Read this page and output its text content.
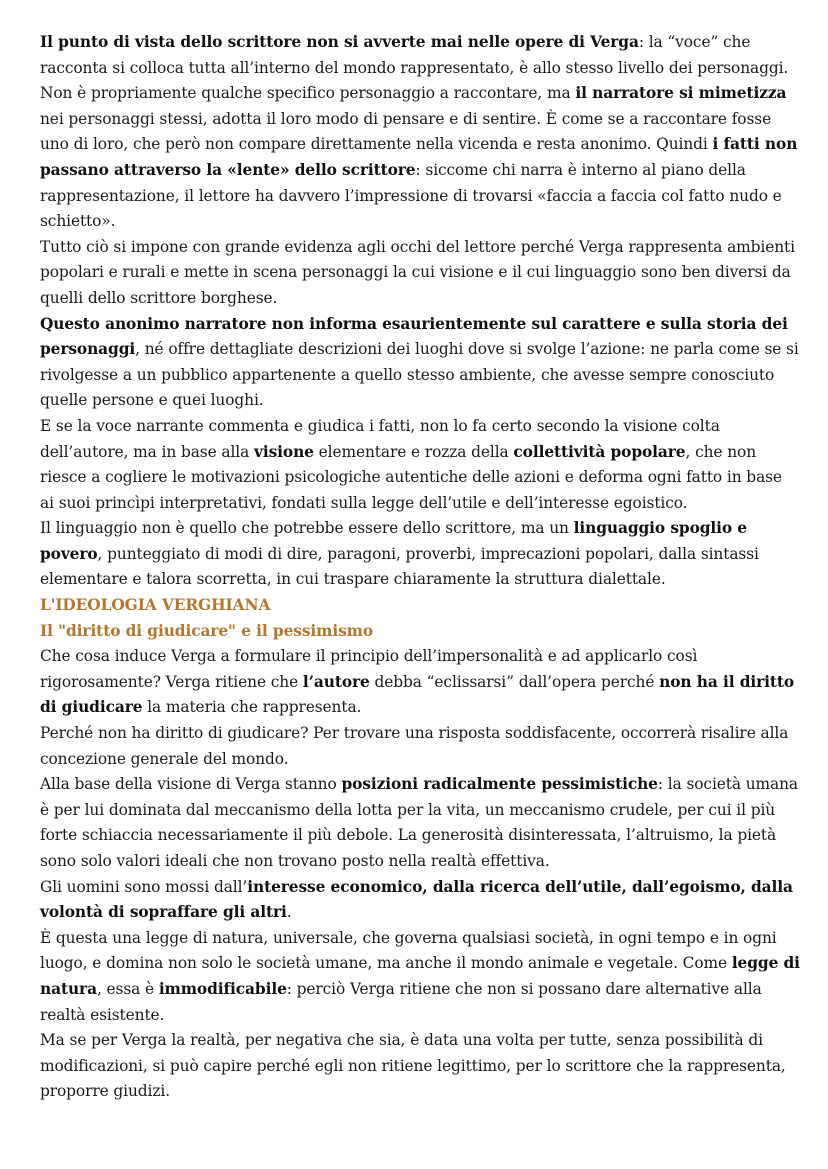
Il punto di vista dello scrittore non si avverte mai nelle opere di Verga: la “voce” che racconta si colloca tutta all’interno del mondo rappresentato, è allo stesso livello dei personaggi. Non è propriamente qualche specifico personaggio a raccontare, ma il narratore si mimetizza nei personaggi stessi, adotta il loro modo di pensare e di sentire. È come se a raccontare fosse uno di loro, che però non compare direttamente nella vicenda e resta anonimo. Quindi i fatti non passano attraverso la «lente» dello scrittore: siccome chi narra è interno al piano della rappresentazione, il lettore ha davvero l’impressione di trovarsi «faccia a faccia col fatto nudo e schietto».

Tutto ciò si impone con grande evidenza agli occhi del lettore perché Verga rappresenta ambienti popolari e rurali e mette in scena personaggi la cui visione e il cui linguaggio sono ben diversi da quelli dello scrittore borghese.

Questo anonimo narratore non informa esaurientemente sul carattere e sulla storia dei personaggi, né offre dettagliate descrizioni dei luoghi dove si svolge l’azione: ne parla come se si rivolgesse a un pubblico appartenente a quello stesso ambiente, che avesse sempre conosciuto quelle persone e quei luoghi.

E se la voce narrante commenta e giudica i fatti, non lo fa certo secondo la visione colta dell’autore, ma in base alla visione elementare e rozza della collettività popolare, che non riesce a cogliere le motivazioni psicologiche autentiche delle azioni e deforma ogni fatto in base ai suoi princìpi interpretativi, fondati sulla legge dell’utile e dell’interesse egoistico.

Il linguaggio non è quello che potrebbe essere dello scrittore, ma un linguaggio spoglio e povero, punteggiato di modi di dire, paragoni, proverbi, imprecazioni popolari, dalla sintassi elementare e talora scorretta, in cui traspare chiaramente la struttura dialettale.

L'IDEOLOGIA VERGHIANA

Il "diritto di giudicare" e il pessimismo

Che cosa induce Verga a formulare il principio dell’impersonalità e ad applicarlo così rigorosamente? Verga ritiene che l’autore debba “eclissarsi” dall’opera perché non ha il diritto di giudicare la materia che rappresenta.

Perché non ha diritto di giudicare? Per trovare una risposta soddisfacente, occorrerà risalire alla concezione generale del mondo.

Alla base della visione di Verga stanno posizioni radicalmente pessimistiche: la società umana è per lui dominata dal meccanismo della lotta per la vita, un meccanismo crudele, per cui il più forte schiaccia necessariamente il più debole. La generosità disinteressata, l’altruismo, la pietà sono solo valori ideali che non trovano posto nella realtà effettiva.

Gli uomini sono mossi dall’interesse economico, dalla ricerca dell’utile, dall’egoismo, dalla volontà di sopraffare gli altri.

È questa una legge di natura, universale, che governa qualsiasi società, in ogni tempo e in ogni luogo, e domina non solo le società umane, ma anche il mondo animale e vegetale. Come legge di natura, essa è immodificabile: perciò Verga ritiene che non si possano dare alternative alla realtà esistente.

Ma se per Verga la realtà, per negativa che sia, è data una volta per tutte, senza possibilità di modificazioni, si può capire perché egli non ritiene legittimo, per lo scrittore che la rappresenta, proporre giudizi.
